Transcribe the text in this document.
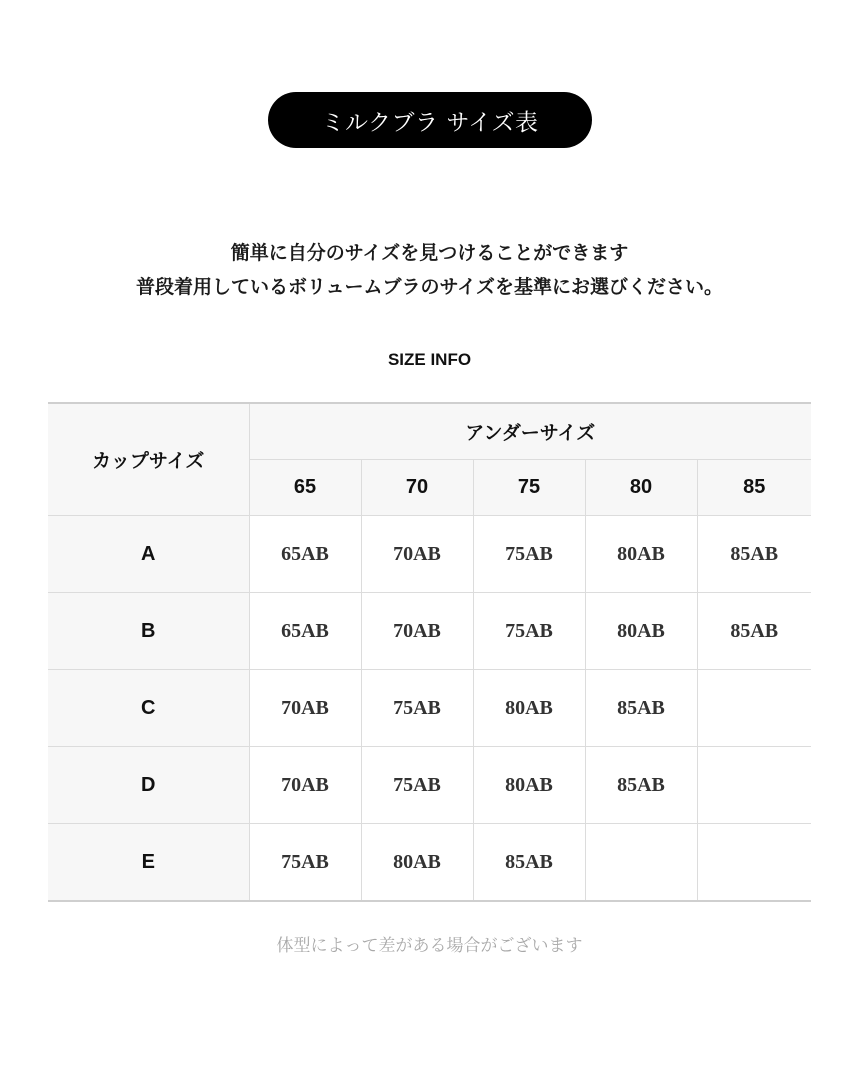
ミルクブラ サイズ表
簡単に自分のサイズを見つけることができます
普段着用しているボリュームブラのサイズを基準にお選びください。
SIZE INFO
カップサイズ	アンダーサイズ				
	65	70	75	80	85
A	65AB	70AB	75AB	80AB	85AB
B	65AB	70AB	75AB	80AB	85AB
C	70AB	75AB	80AB	85AB	
D	70AB	75AB	80AB	85AB	
E	75AB	80AB	85AB		
体型によって差がある場合がございます
